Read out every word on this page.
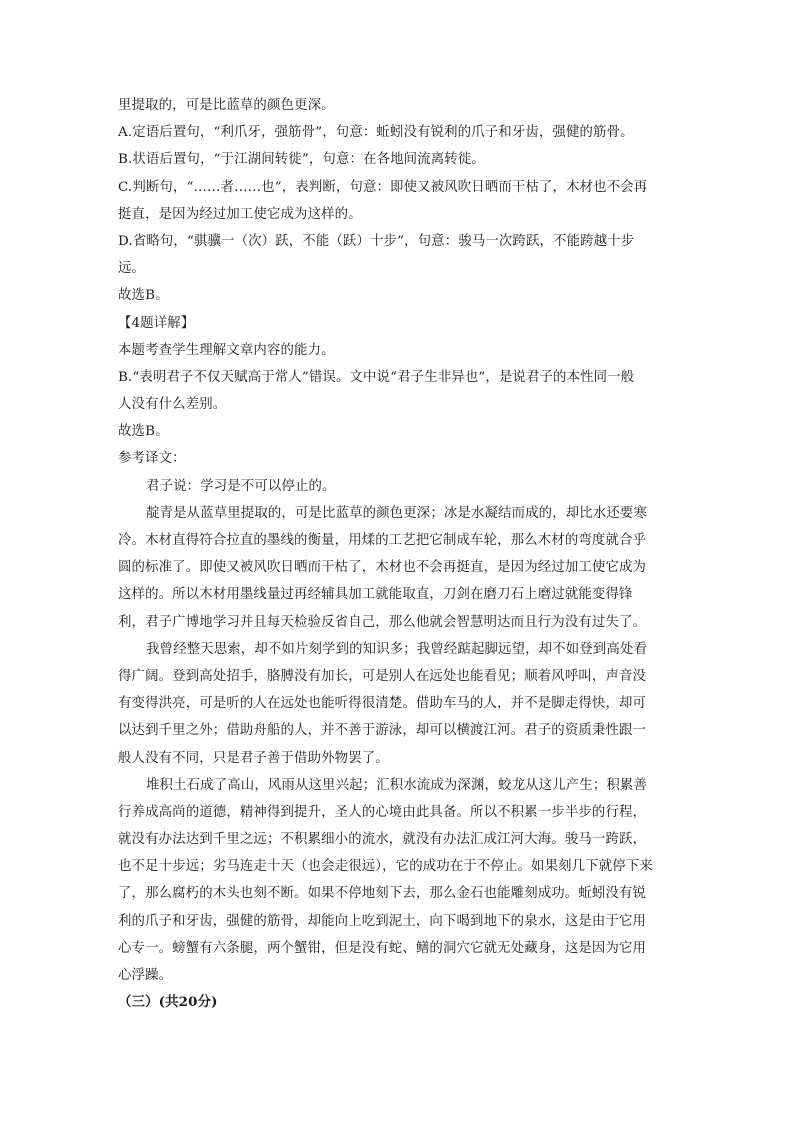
里提取的，可是比蓝草的颜色更深。
A.定语后置句，“利爪牙，强筋骨”，句意：蚯蚓没有锐利的爪子和牙齿，强健的筋骨。
B.状语后置句，“于江湖间转徙”，句意：在各地间流离转徙。
C.判断句，“……者……也”，表判断，句意：即使又被风吹日晒而干枯了，木材也不会再
挺直，是因为经过加工使它成为这样的。
D.省略句，“骐骥一（次）跃，不能（跃）十步”，句意：骏马一次跨跃，不能跨越十步
远。
故选B。
【4题详解】
本题考查学生理解文章内容的能力。
B.“表明君子不仅天赋高于常人”错误。文中说“君子生非异也”，是说君子的本性同一般
人没有什么差别。
故选B。
参考译文：
君子说：学习是不可以停止的。
靛青是从蓝草里提取的，可是比蓝草的颜色更深；冰是水凝结而成的，却比水还要寒
冷。木材直得符合拉直的墨线的衡量，用煣的工艺把它制成车轮，那么木材的弯度就合乎
圆的标准了。即使又被风吹日晒而干枯了，木材也不会再挺直，是因为经过加工使它成为
这样的。所以木材用墨线量过再经辅具加工就能取直，刀剑在磨刀石上磨过就能变得锋
利，君子广博地学习并且每天检验反省自己，那么他就会智慧明达而且行为没有过失了。
我曾经整天思索，却不如片刻学到的知识多；我曾经踮起脚远望，却不如登到高处看
得广阔。登到高处招手，胳膊没有加长，可是别人在远处也能看见；顺着风呼叫，声音没
有变得洪亮，可是听的人在远处也能听得很清楚。借助车马的人，并不是脚走得快，却可
以达到千里之外；借助舟船的人，并不善于游泳，却可以横渡江河。君子的资质秉性跟一
般人没有不同，只是君子善于借助外物罢了。
堆积土石成了高山，风雨从这里兴起；汇积水流成为深渊，蛟龙从这儿产生；积累善
行养成高尚的道德，精神得到提升，圣人的心境由此具备。所以不积累一步半步的行程，
就没有办法达到千里之远；不积累细小的流水，就没有办法汇成江河大海。骏马一跨跃，
也不足十步远；劣马连走十天（也会走很远），它的成功在于不停止。如果刻几下就停下来
了，那么腐朽的木头也刻不断。如果不停地刻下去，那么金石也能雕刻成功。蚯蚓没有锐
利的爪子和牙齿，强健的筋骨，却能向上吃到泥土，向下喝到地下的泉水，这是由于它用
心专一。螃蟹有六条腿，两个蟹钳，但是没有蛇、鳝的洞穴它就无处藏身，这是因为它用
心浮躁。
（三）(共20分)
